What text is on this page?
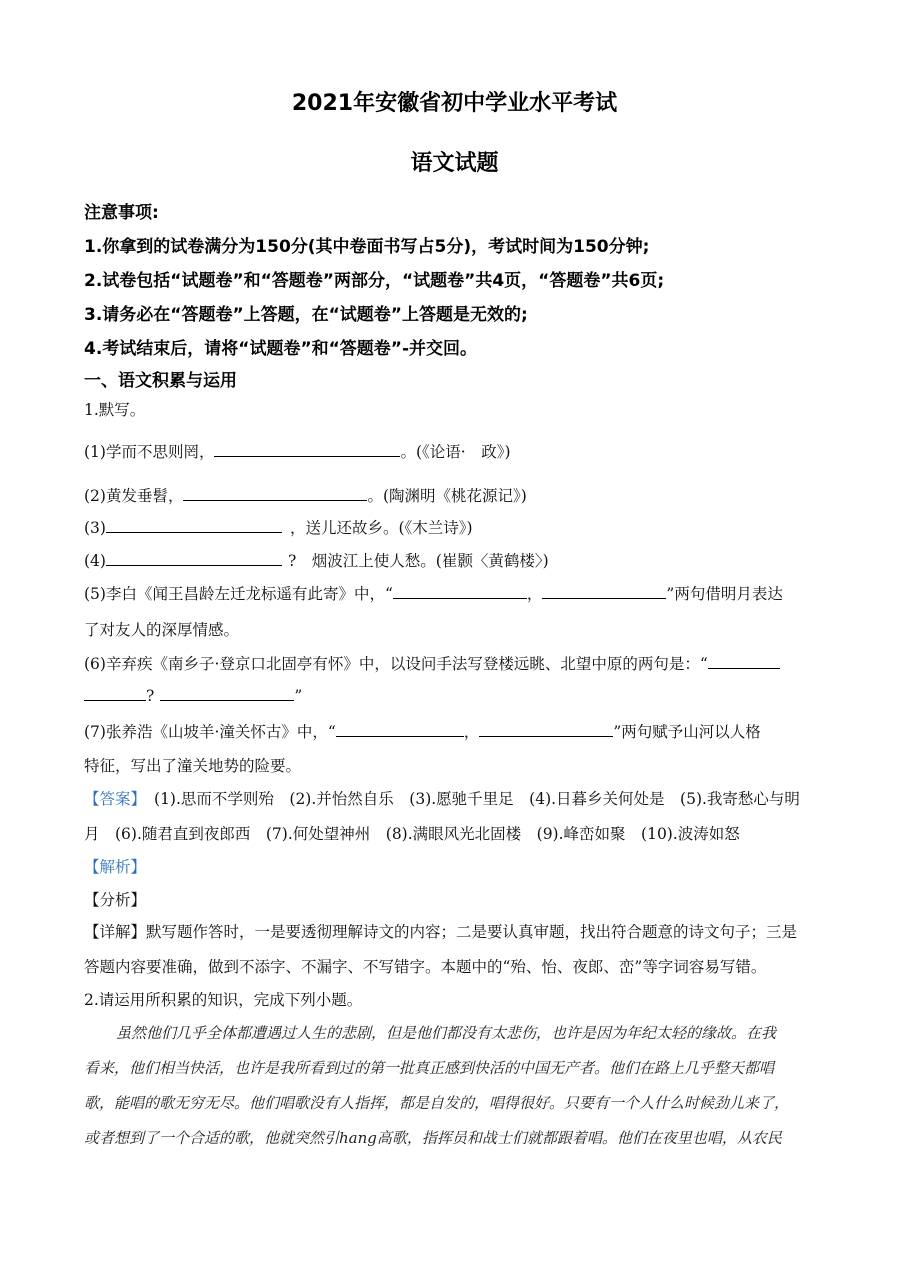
2021年安徽省初中学业水平考试
语文试题
注意事项:
1.你拿到的试卷满分为150分(其中卷面书写占5分)，考试时间为150分钟;
2.试卷包括“试题卷”和“答题卷”两部分，“试题卷”共4页，“答题卷”共6页;
3.请务必在“答题卷”上答题，在“试题卷”上答题是无效的;
4.考试结束后，请将“试题卷”和“答题卷”-并交回。
一、语文积累与运用
1.默写。
(1)学而不思则罔，	。(《论语·　政》)
(2)黄发垂髫，	。(陶渊明《桃花源记》)
(3)	，送儿还故乡。(《木兰诗》)
(4)	?　烟波江上使人愁。(崔颢〈黄鹤楼〉)
(5)李白《闻王昌龄左迁龙标遥有此寄》中，“	，	”两句借明月表达
了对友人的深厚情感。
(6)辛弃疾《南乡子·登京口北固亭有怀》中，以设问手法写登楼远眺、北望中原的两句是：“
?	”
(7)张养浩《山坡羊·潼关怀古》中，“	，	”两句赋予山河以人格
特征，写出了潼关地势的险要。
【答案】 (1).思而不学则殆　(2).并怡然自乐　(3).愿驰千里足　(4).日暮乡关何处是　(5).我寄愁心与明
月　(6).随君直到夜郎西　(7).何处望神州　(8).满眼风光北固楼　(9).峰峦如聚　(10).波涛如怒
【解析】
【分析】
【详解】默写题作答时，一是要透彻理解诗文的内容；二是要认真审题，找出符合题意的诗文句子；三是
答题内容要准确，做到不添字、不漏字、不写错字。本题中的“殆、怡、夜郎、峦”等字词容易写错。
2.请运用所积累的知识，完成下列小题。
虽然他们几乎全体都遭遇过人生的悲剧，但是他们都没有太悲伤，也许是因为年纪太轻的缘故。在我
看来，他们相当快活，也许是我所看到过的第一批真正感到快活的中国无产者。他们在路上几乎整天都唱
歌，能唱的歌无穷无尽。他们唱歌没有人指挥，都是自发的，唱得很好。只要有一个人什么时候劲儿来了，
或者想到了一个合适的歌，他就突然引hang高歌，指挥员和战士们就都跟着唱。他们在夜里也唱，从农民
